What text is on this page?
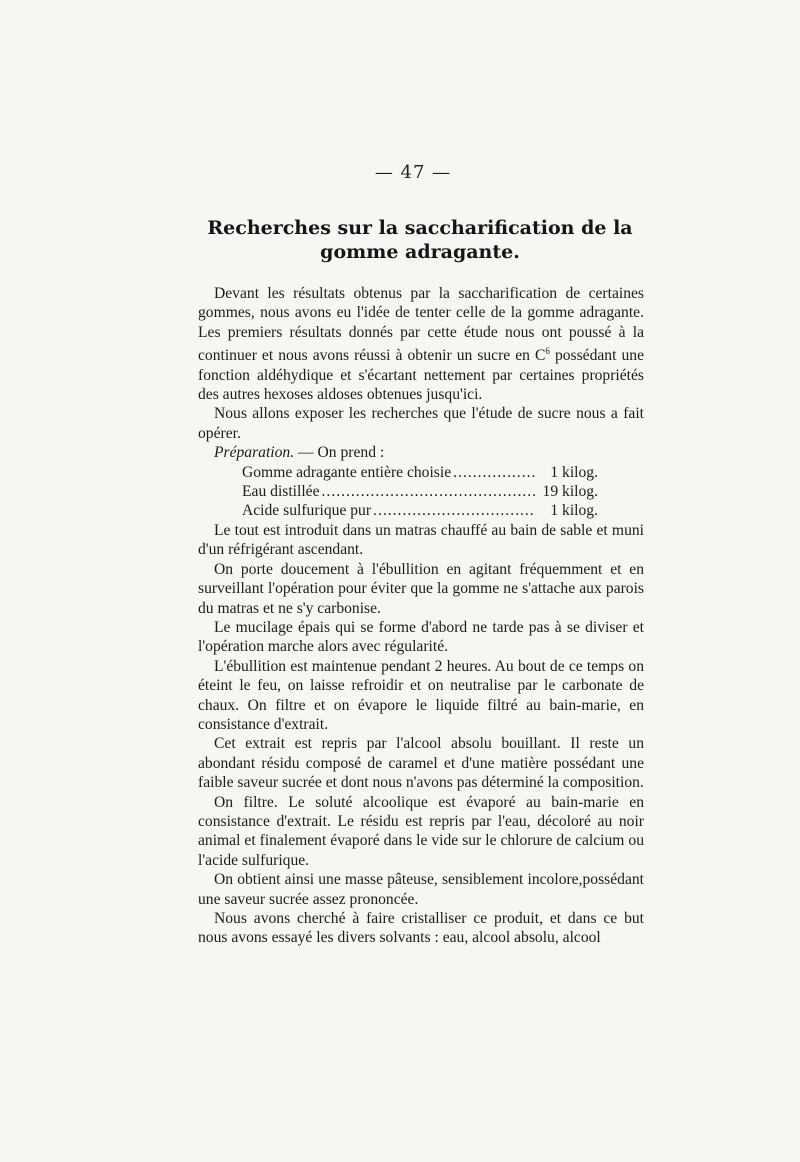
— 47 —
Recherches sur la saccharification de la gomme adragante.

Devant les résultats obtenus par la saccharification de certaines gommes, nous avons eu l'idée de tenter celle de la gomme adragante. Les premiers résultats donnés par cette étude nous ont poussé à la continuer et nous avons réussi à obtenir un sucre en $C^6$ possédant une fonction aldéhydique et s'écartant nettement par certaines propriétés des autres hexoses aldoses obtenues jusqu'ici.

Nous allons exposer les recherches que l'étude de sucre nous a fait opérer.

Préparation. — On prend :

Gomme adragante entière choisie .....	1 kilog.
Eau distillée .....	19 kilog.
Acide sulfurique pur .....	1 kilog.

Le tout est introduit dans un matras chauffé au bain de sable et muni d'un réfrigérant ascendant.

On porte doucement à l'ébullition en agitant fréquemment et en surveillant l'opération pour éviter que la gomme ne s'attache aux parois du matras et ne s'y carbonise.

Le mucilage épais qui se forme d'abord ne tarde pas à se diviser et l'opération marche alors avec régularité.

L'ébullition est maintenue pendant 2 heures. Au bout de ce temps on éteint le feu, on laisse refroidir et on neutralise par le carbonate de chaux. On filtre et on évapore le liquide filtré au bain-marie, en consistance d'extrait.

Cet extrait est repris par l'alcool absolu bouillant. Il reste un abondant résidu composé de caramel et d'une matière possédant une faible saveur sucrée et dont nous n'avons pas déterminé la composition.

On filtre. Le soluté alcoolique est évaporé au bain-marie en consistance d'extrait. Le résidu est repris par l'eau, décoloré au noir animal et finalement évaporé dans le vide sur le chlorure de calcium ou l'acide sulfurique.

On obtient ainsi une masse pâteuse, sensiblement incolore,possédant une saveur sucrée assez prononcée.

Nous avons cherché à faire cristalliser ce produit, et dans ce but nous avons essayé les divers solvants : eau, alcool absolu, alcool
